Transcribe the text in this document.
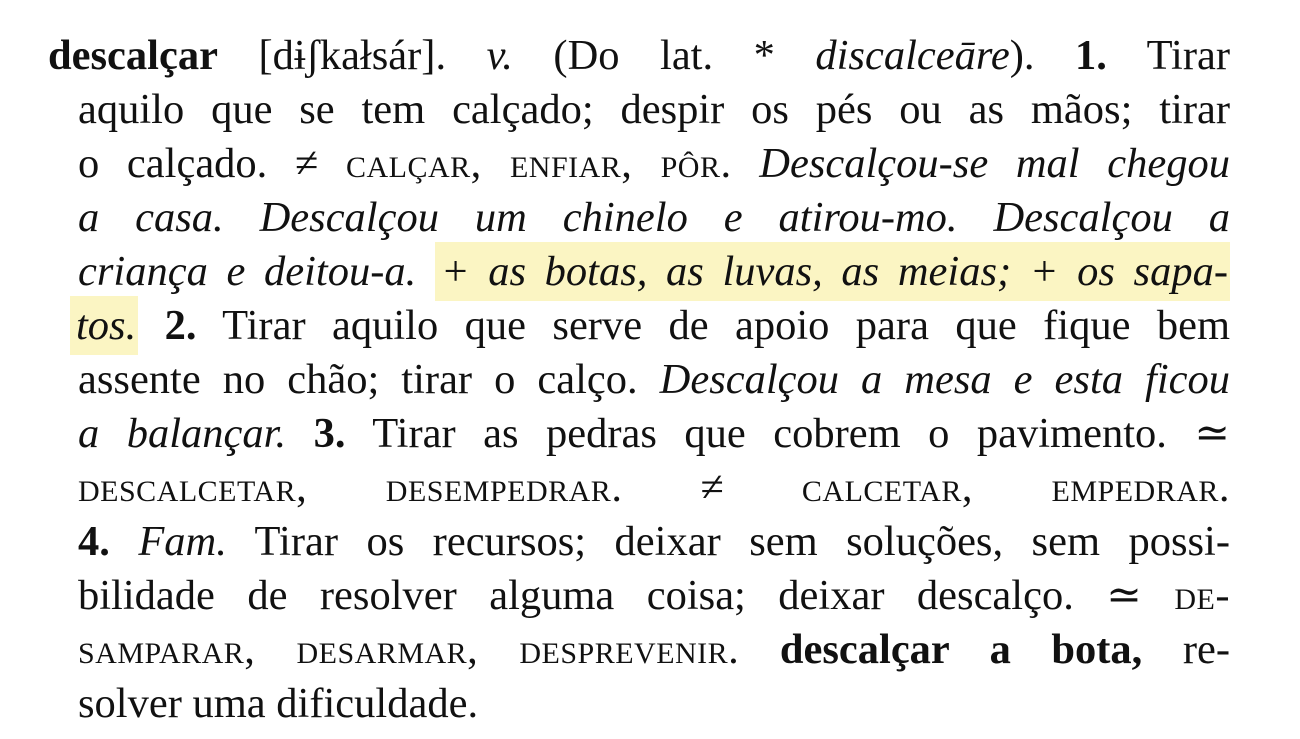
descalçar [dɨʃkałsár]. v. (Do lat. * discalceāre). 1. Tirar
aquilo que se tem calçado; despir os pés ou as mãos; tirar
o calçado. ≠ calçar, enfiar, pôr. Descalçou-se mal chegou
a casa. Descalçou um chinelo e atirou-mo. Descalçou a
criança e deitou-a. + as botas, as luvas, as meias; + os sapa-
tos. 2. Tirar aquilo que serve de apoio para que fique bem
assente no chão; tirar o calço. Descalçou a mesa e esta ficou
a balançar. 3. Tirar as pedras que cobrem o pavimento. ≃
descalcetar, desempedrar. ≠ calcetar, empedrar.
4. Fam. Tirar os recursos; deixar sem soluções, sem possi-
bilidade de resolver alguma coisa; deixar descalço. ≃ de-
samparar, desarmar, desprevenir. descalçar a bota, re-
solver uma dificuldade.
